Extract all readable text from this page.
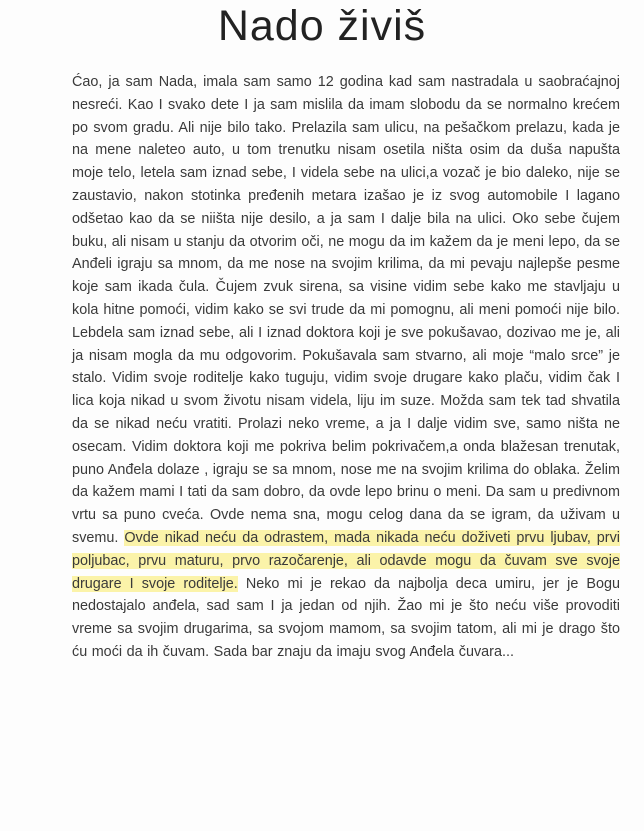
Nado živiš

Ćao, ja sam Nada, imala sam samo 12 godina kad sam nastradala u saobraćajnoj nesreći. Kao I svako dete I ja sam mislila da imam slobodu da se normalno krećem po svom gradu. Ali nije bilo tako. Prelazila sam ulicu, na pešačkom prelazu, kada je na mene naleteo auto, u tom trenutku nisam osetila ništa osim da duša napušta moje telo, letela sam iznad sebe, I videla sebe na ulici,a vozač je bio daleko, nije se zaustavio, nakon stotinka pređenih metara izašao je iz svog automobile I lagano odšetao kao da se niišta nije desilo, a ja sam I dalje bila na ulici. Oko sebe čujem buku, ali nisam u stanju da otvorim oči, ne mogu da im kažem da je meni lepo, da se Anđeli igraju sa mnom, da me nose na svojim krilima, da mi pevaju najlepše pesme koje sam ikada čula. Čujem zvuk sirena, sa visine vidim sebe kako me stavljaju u kola hitne pomoći, vidim kako se svi trude da mi pomognu, ali meni pomoći nije bilo. Lebdela sam iznad sebe, ali I iznad doktora koji je sve pokušavao, dozivao me je, ali ja nisam mogla da mu odgovorim. Pokušavala sam stvarno, ali moje “malo srce” je stalo. Vidim svoje roditelje kako tuguju, vidim svoje drugare kako plaču, vidim čak I lica koja nikad u svom životu nisam videla, liju im suze. Možda sam tek tad shvatila da se nikad neću vratiti. Prolazi neko vreme, a ja I dalje vidim sve, samo ništa ne osecam. Vidim doktora koji me pokriva belim pokrivačem,a onda blažesan trenutak, puno Anđela dolaze , igraju se sa mnom, nose me na svojim krilima do oblaka. Želim da kažem mami I tati da sam dobro, da ovde lepo brinu o meni. Da sam u predivnom vrtu sa puno cveća. Ovde nema sna, mogu celog dana da se igram, da uživam u svemu. Ovde nikad neću da odrastem, mada nikada neću doživeti prvu ljubav, prvi poljubac, prvu maturu, prvo razočarenje, ali odavde mogu da čuvam sve svoje drugare I svoje roditelje. Neko mi je rekao da najbolja deca umiru, jer je Bogu nedostajalo anđela, sad sam I ja jedan od njih. Žao mi je što neću više provoditi vreme sa svojim drugarima, sa svojom mamom, sa svojim tatom, ali mi je drago što ću moći da ih čuvam. Sada bar znaju da imaju svog Anđela čuvara...
